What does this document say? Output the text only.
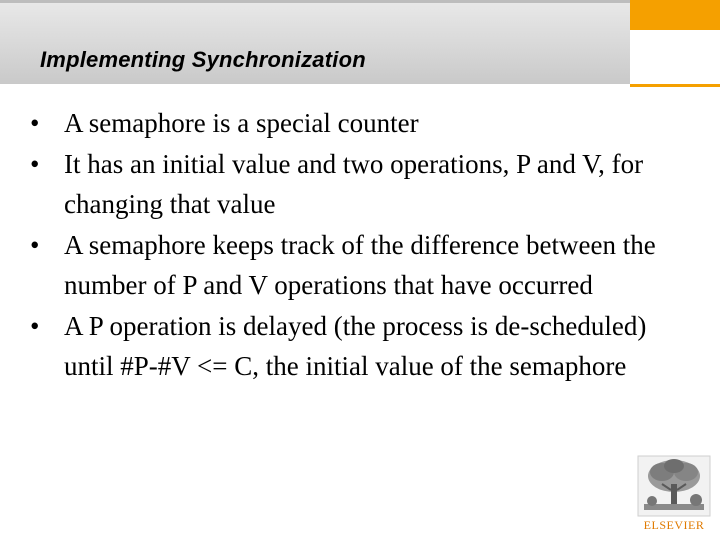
Implementing Synchronization
• A semaphore is a special counter
• It has an initial value and two operations, P and V, for changing that value
• A semaphore keeps track of the difference between the number of P and V operations that have occurred
• A P operation is delayed (the process is de-scheduled) until #P-#V <= C, the initial value of the semaphore
ELSEVIER
